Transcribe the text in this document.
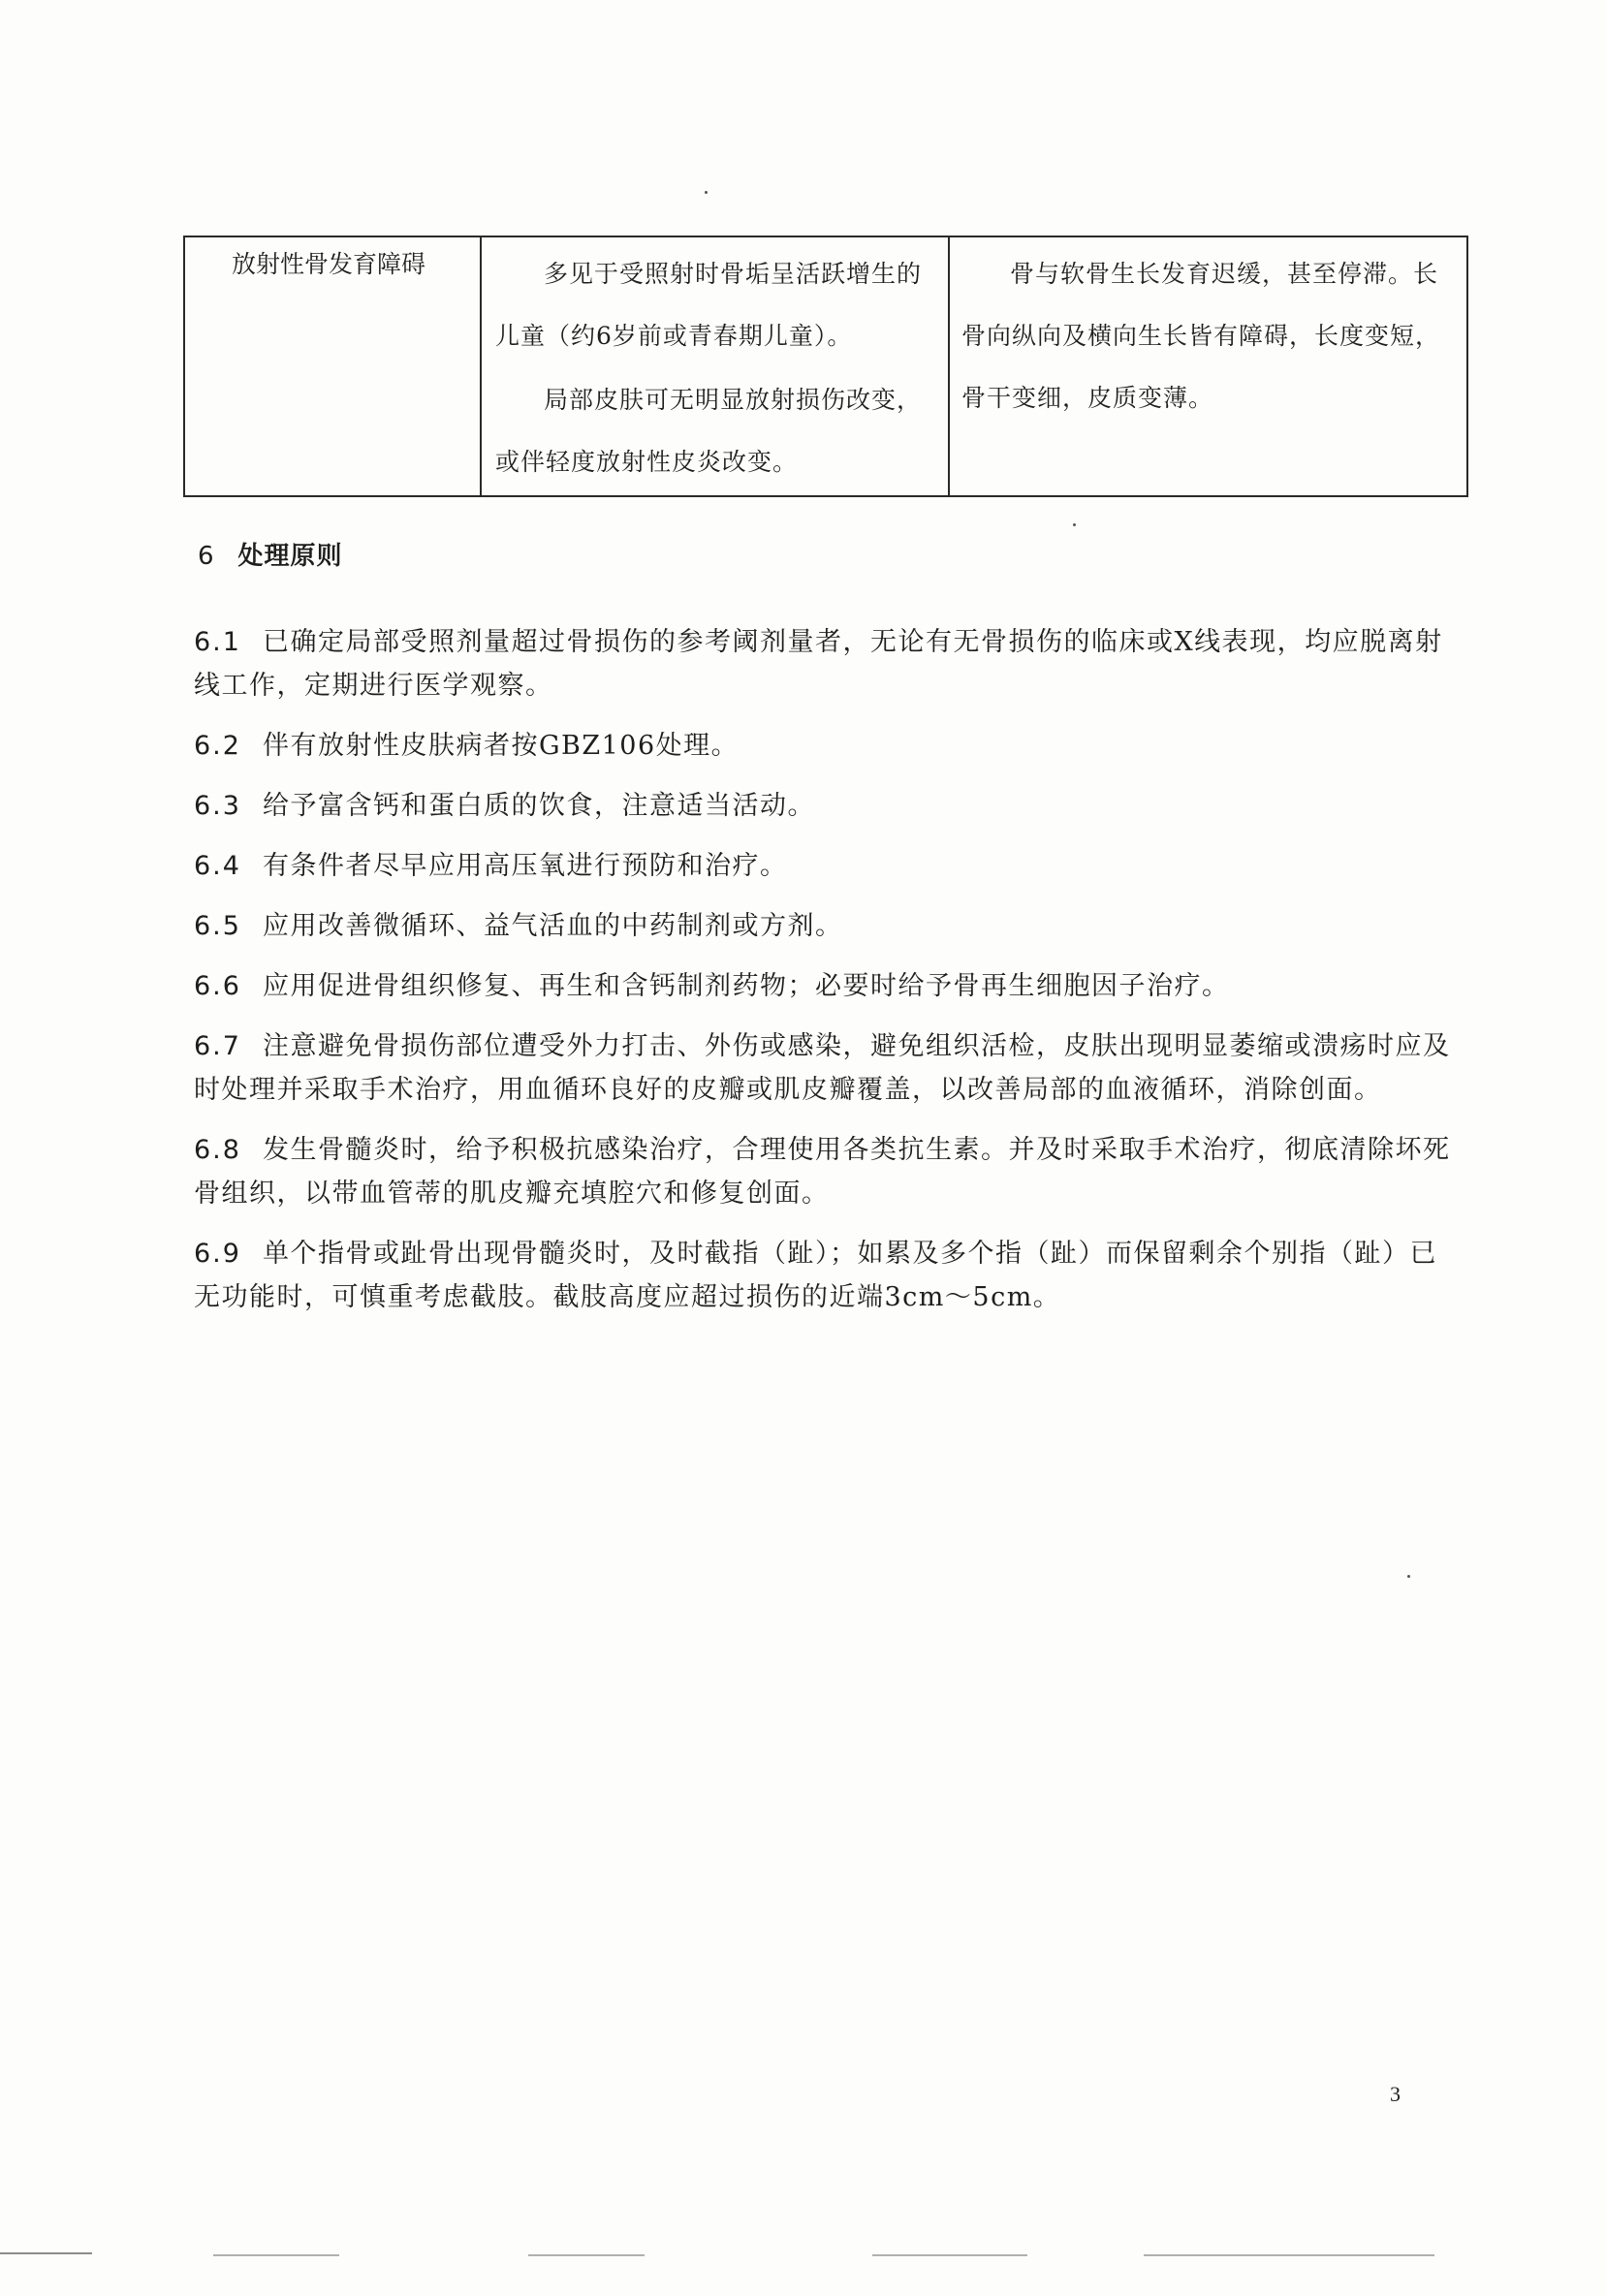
放射性骨发育障碍	多见于受照射时骨垢呈活跃增生的儿童（约6岁前或青春期儿童）。

局部皮肤可无明显放射损伤改变，或伴轻度放射性皮炎改变。

骨与软骨生长发育迟缓，甚至停滞。长骨向纵向及横向生长皆有障碍，长度变短，骨干变细，皮质变薄。

6 处理原则

6.1 已确定局部受照剂量超过骨损伤的参考阈剂量者，无论有无骨损伤的临床或X线表现，均应脱离射线工作，定期进行医学观察。

6.2 伴有放射性皮肤病者按GBZ106处理。

6.3 给予富含钙和蛋白质的饮食，注意适当活动。

6.4 有条件者尽早应用高压氧进行预防和治疗。

6.5 应用改善微循环、益气活血的中药制剂或方剂。

6.6 应用促进骨组织修复、再生和含钙制剂药物；必要时给予骨再生细胞因子治疗。

6.7 注意避免骨损伤部位遭受外力打击、外伤或感染，避免组织活检，皮肤出现明显萎缩或溃疡时应及时处理并采取手术治疗，用血循环良好的皮瓣或肌皮瓣覆盖，以改善局部的血液循环，消除创面。

6.8 发生骨髓炎时，给予积极抗感染治疗，合理使用各类抗生素。并及时采取手术治疗，彻底清除坏死骨组织，以带血管蒂的肌皮瓣充填腔穴和修复创面。

6.9 单个指骨或趾骨出现骨髓炎时，及时截指（趾）；如累及多个指（趾）而保留剩余个别指（趾）已无功能时，可慎重考虑截肢。截肢高度应超过损伤的近端3cm～5cm。

3
